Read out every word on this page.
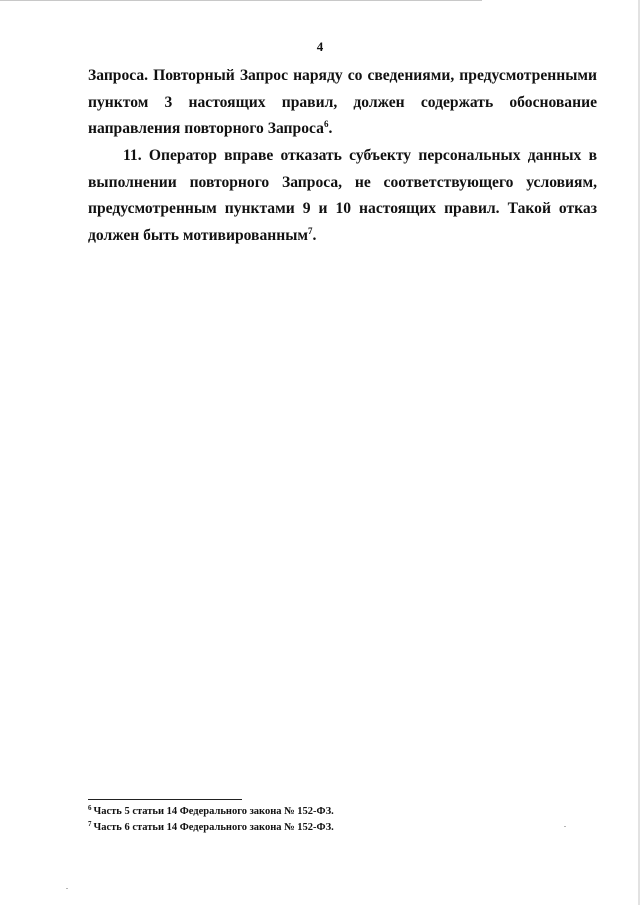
4

Запроса. Повторный Запрос наряду со сведениями, предусмотренными пунктом 3 настоящих правил, должен содержать обоснование направления повторного Запроса$^6$.

11. Оператор вправе отказать субъекту персональных данных в выполнении повторного Запроса, не соответствующего условиям, предусмотренным пунктами 9 и 10 настоящих правил. Такой отказ должен быть мотивированным$^7$.

$^6$ Часть 5 статьи 14 Федерального закона № 152-ФЗ.
$^7$ Часть 6 статьи 14 Федерального закона № 152-ФЗ.
